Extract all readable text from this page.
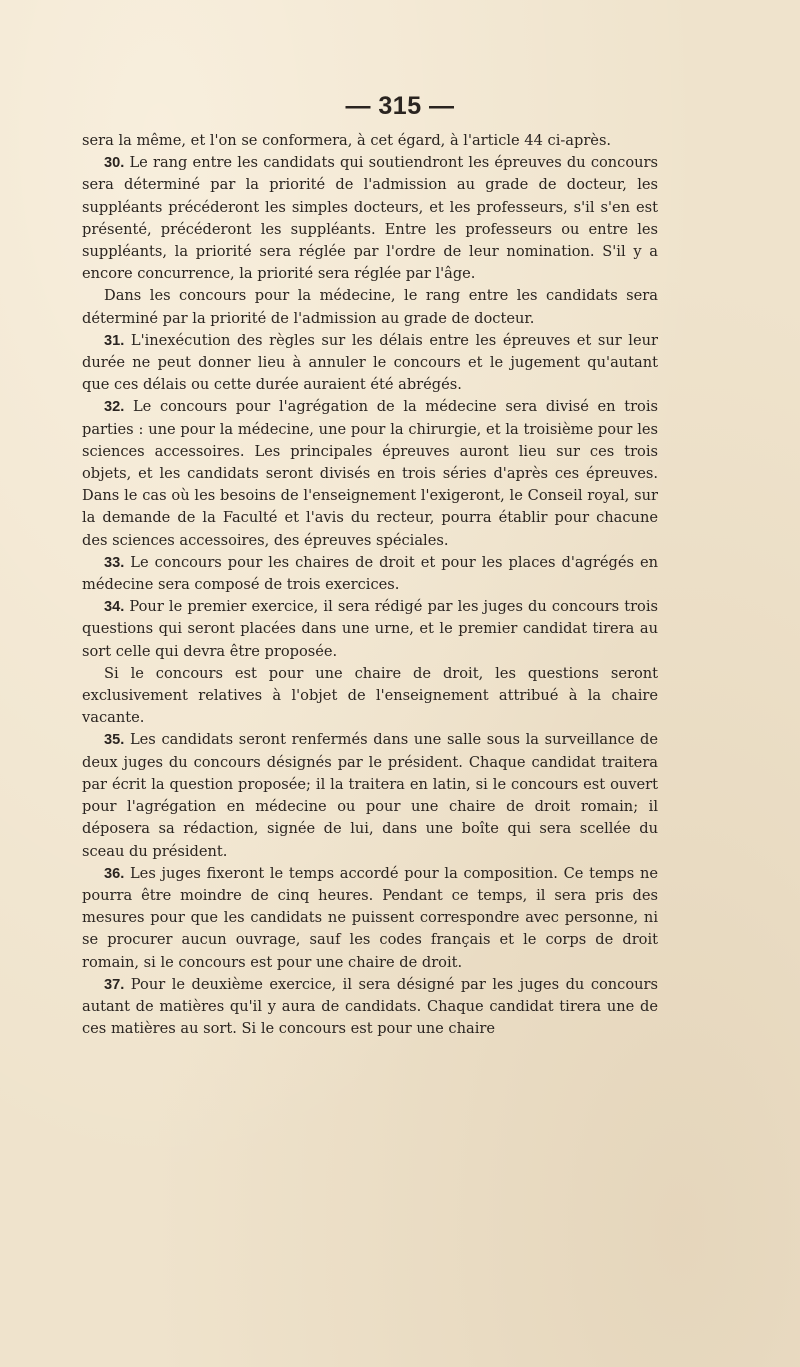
— 315 —

sera la même, et l'on se conformera, à cet égard, à l'article 44 ci-après.

30. Le rang entre les candidats qui soutiendront les épreuves du concours sera déterminé par la priorité de l'admission au grade de docteur, les suppléants précéderont les simples docteurs, et les professeurs, s'il s'en est présenté, précéderont les suppléants. Entre les professeurs ou entre les suppléants, la priorité sera réglée par l'ordre de leur nomination. S'il y a encore concurrence, la priorité sera réglée par l'âge.

Dans les concours pour la médecine, le rang entre les candidats sera déterminé par la priorité de l'admission au grade de docteur.

31. L'inexécution des règles sur les délais entre les épreuves et sur leur durée ne peut donner lieu à annuler le concours et le jugement qu'autant que ces délais ou cette durée auraient été abrégés.

32. Le concours pour l'agrégation de la médecine sera divisé en trois parties : une pour la médecine, une pour la chirurgie, et la troisième pour les sciences accessoires. Les principales épreuves auront lieu sur ces trois objets, et les candidats seront divisés en trois séries d'après ces épreuves. Dans le cas où les besoins de l'enseignement l'exigeront, le Conseil royal, sur la demande de la Faculté et l'avis du recteur, pourra établir pour chacune des sciences accessoires, des épreuves spéciales.

33. Le concours pour les chaires de droit et pour les places d'agrégés en médecine sera composé de trois exercices.

34. Pour le premier exercice, il sera rédigé par les juges du concours trois questions qui seront placées dans une urne, et le premier candidat tirera au sort celle qui devra être proposée.

Si le concours est pour une chaire de droit, les questions seront exclusivement relatives à l'objet de l'enseignement attribué à la chaire vacante.

35. Les candidats seront renfermés dans une salle sous la surveillance de deux juges du concours désignés par le président. Chaque candidat traitera par écrit la question proposée; il la traitera en latin, si le concours est ouvert pour l'agrégation en médecine ou pour une chaire de droit romain; il déposera sa rédaction, signée de lui, dans une boîte qui sera scellée du sceau du président.

36. Les juges fixeront le temps accordé pour la composition. Ce temps ne pourra être moindre de cinq heures. Pendant ce temps, il sera pris des mesures pour que les candidats ne puissent correspondre avec personne, ni se procurer aucun ouvrage, sauf les codes français et le corps de droit romain, si le concours est pour une chaire de droit.

37. Pour le deuxième exercice, il sera désigné par les juges du concours autant de matières qu'il y aura de candidats. Chaque candidat tirera une de ces matières au sort. Si le concours est pour une chaire
